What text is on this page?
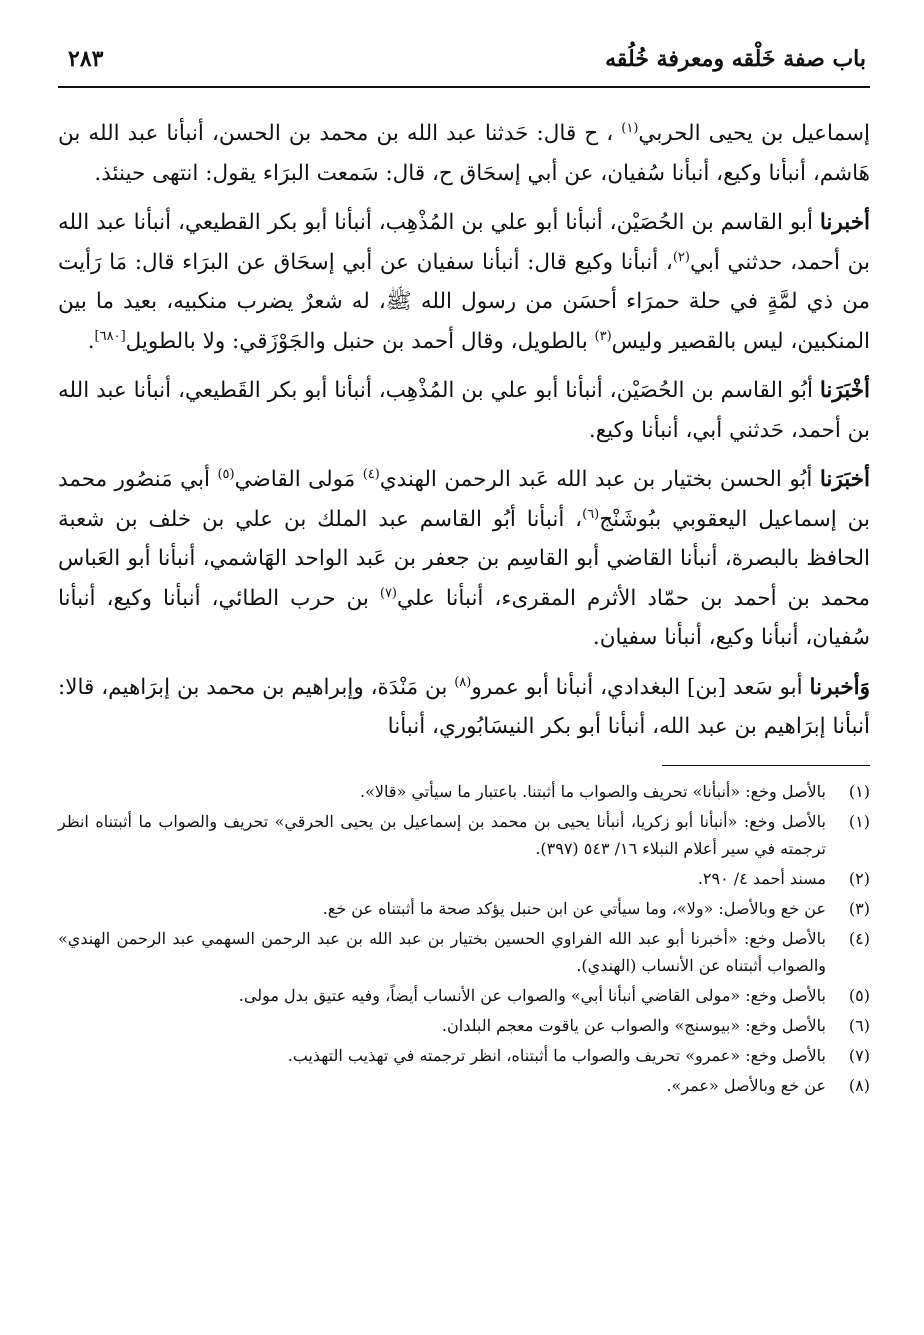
باب صفة خَلْقه ومعرفة خُلُقه
٢٨٣

إسماعيل بن يحيى الحربي$^{(١)}$ ، ح قال: حَدثنا عبد الله بن محمد بن الحسن، أنبأنا عبد الله بن هَاشم، أنبأنا وكيع، أنبأنا سُفيان، عن أبي إسحَاق ح، قال: سَمعت البرَاء يقول: انتهى حينئذ.

أخبرنا أبو القاسم بن الحُصَيْن، أنبأنا أبو علي بن المُذْهِب، أنبأنا أبو بكر القطيعي، أنبأنا عبد الله بن أحمد، حدثني أبي$^{(٢)}$، أنبأنا وكيع قال: أنبأنا سفيان عن أبي إسحَاق عن البرَاء قال: مَا رَأيت من ذي لمَّةٍ في حلة حمرَاء أحسَن من رسول الله ﷺ، له شعرٌ يضرب منكبيه، بعيد ما بين المنكبين، ليس بالقصير وليس$^{(٣)}$ بالطويل، وقال أحمد بن حنبل والجَوْزَقي: ولا بالطويل[٦٨٠].

أخْبَرَنا أبُو القاسم بن الحُصَيْن، أنبأنا أبو علي بن المُذْهِب، أنبأنا أبو بكر القَطيعي، أنبأنا عبد الله بن أحمد، حَدثني أبي، أنبأنا وكيع.

أخبَرَنا أبُو الحسن بختيار بن عبد الله عَبد الرحمن الهندي$^{(٤)}$ مَولى القاضي$^{(٥)}$ أبي مَنصُور محمد بن إسماعيل اليعقوبي ببُوشَنْج$^{(٦)}$، أنبأنا أبُو القاسم عبد الملك بن علي بن خلف بن شعبة الحافظ بالبصرة، أنبأنا القاضي أبو القاسِم بن جعفر بن عَبد الواحد الهَاشمي، أنبأنا أبو العَباس محمد بن أحمد بن حمّاد الأثرم المقرىء، أنبأنا علي$^{(٧)}$ بن حرب الطائي، أنبأنا وكيع، أنبأنا سُفيان، أنبأنا وكيع، أنبأنا سفيان.

وَأخبرنا أبو سَعد [بن] البغدادي، أنبأنا أبو عمرو$^{(٨)}$ بن مَنْدَة، وإبراهيم بن محمد بن إبرَاهيم، قالا: أنبأنا إبرَاهيم بن عبد الله، أنبأنا أبو بكر النيسَابُوري، أنبأنا

(١)
بالأصل وخع: «أنبأنا» تحريف والصواب ما أثبتنا. باعتبار ما سيأتي «قالا».
(١)
بالأصل وخع: «أنبأنا أبو زكريا، أنبأنا يحيى بن محمد بن إسماعيل بن يحيى الحرقي» تحريف والصواب ما أثبتناه انظر ترجمته في سير أعلام النبلاء ١٦/ ٥٤٣ (٣٩٧).
(٢)
مسند أحمد ٤/ ٢٩٠.
(٣)
عن خع وبالأصل: «ولا»، وما سيأتي عن ابن حنبل يؤكد صحة ما أثبتناه عن خع.
(٤)
بالأصل وخع: «أخبرنا أبو عبد الله الفراوي الحسين بختيار بن عبد الله بن عبد الرحمن السهمي عبد الرحمن الهندي» والصواب أثبتناه عن الأنساب (الهندي).
(٥)
بالأصل وخع: «مولى القاضي أنبأنا أبي» والصواب عن الأنساب أيضاً، وفيه عتيق بدل مولى.
(٦)
بالأصل وخع: «بيوسنج» والصواب عن ياقوت معجم البلدان.
(٧)
بالأصل وخع: «عمرو» تحريف والصواب ما أثبتناه، انظر ترجمته في تهذيب التهذيب.
(٨)
عن خع وبالأصل «عمر».
